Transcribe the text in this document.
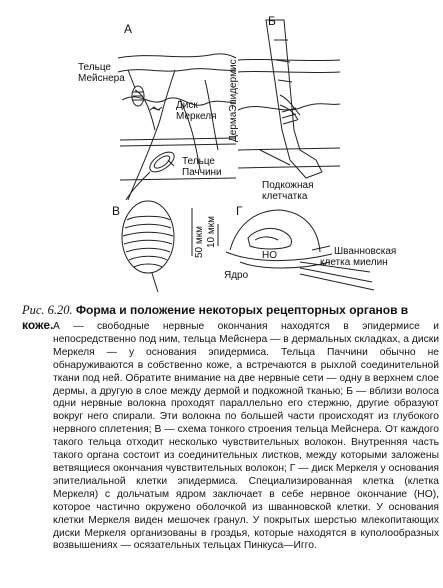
А
Б
В	Г
Тельце
Мейснера
Диск
Меркеля
Тельце
Паччини
Эпидермис
Дерма
Подкожная
клетчатка
50 мкм 10 мкм
НО
Ядро
Шванновская
клетка миелин
Рис. 6.20. Форма и положение некоторых рецепторных органов в коже. А — свободные нервные окончания находятся в эпидермисе и непосредственно под ним, тельца Мейснера — в дермальных складках, а диски Меркеля — у основания эпидермиса. Тельца Паччини обычно не обнаруживаются в собственно коже, а встречаются в рыхлой соединительной ткани под ней. Обратите внимание на две нервные сети — одну в верхнем слое дермы, а другую в слое между дермой и подкожной тканью; Б — вблизи волоса одни нервные волокна проходят параллельно его стержню, другие образуют вокруг него спирали. Эти волокна по большей части происходят из глубокого нервного сплетения; В — схема тонкого строения тельца Мейснера. От каждого такого тельца отходит несколько чувствительных волокон. Внутренняя часть такого органа состоит из соединительных листков, между которыми заложены ветвящиеся окончания чувствительных волокон; Г — диск Меркеля у основания эпителиальной клетки эпидермиса. Специализированная клетка (клетка Меркеля) с дольчатым ядром заключает в себе нервное окончание (НО), которое частично окружено оболочкой из шванновской клетки. У основания клетки Меркеля виден мешочек гранул. У покрытых шерстью млекопитающих диски Меркеля организованы в гроздья, которые находятся в куполообразных возвышениях — осязательных тельцах Пинкуса—Игго.
